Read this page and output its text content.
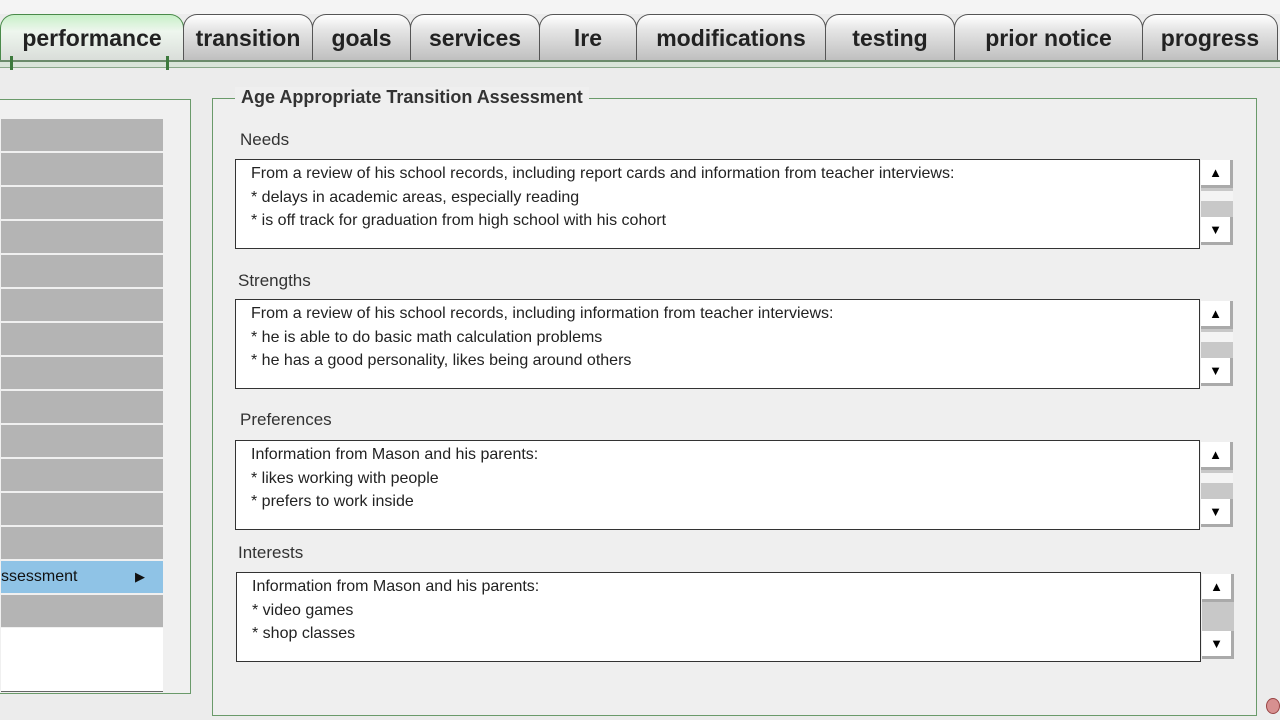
performance	transition	goals	services	lre	modifications	testing	prior notice	progress
ssessment	▶
Age Appropriate Transition Assessment
Needs
From a review of his school records, including report cards and information from teacher interviews:
* delays in academic areas, especially reading
* is off track for graduation from high school with his cohort
▲
▼
Strengths
From a review of his school records, including information from teacher interviews:
* he is able to do basic math calculation problems
* he has a good personality, likes being around others
▲
▼
Preferences
Information from Mason and his parents:
* likes working with people
* prefers to work inside
▲
▼
Interests
Information from Mason and his parents:
* video games
* shop classes
▲
▼
